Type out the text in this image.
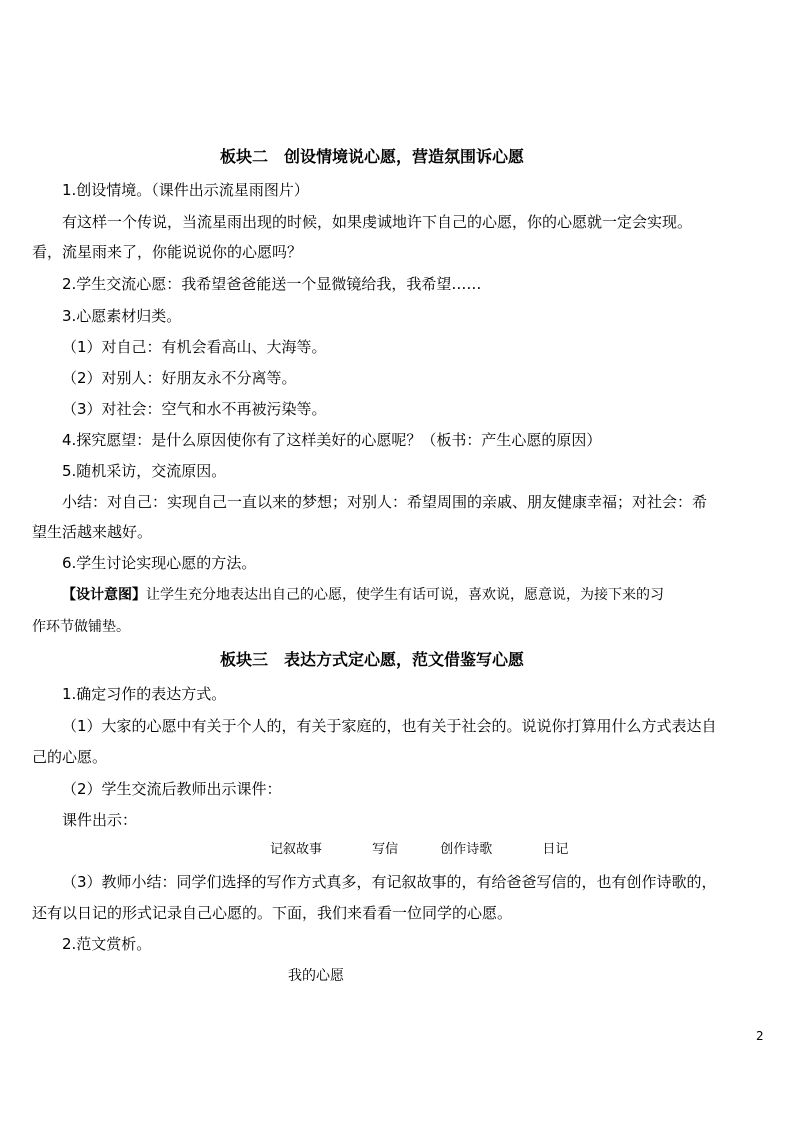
板块二　创设情境说心愿，营造氛围诉心愿
1.创设情境。（课件出示流星雨图片）
有这样一个传说，当流星雨出现的时候，如果虔诚地许下自己的心愿，你的心愿就一定会实现。
看，流星雨来了，你能说说你的心愿吗？
2.学生交流心愿：我希望爸爸能送一个显微镜给我，我希望……
3.心愿素材归类。
（1）对自己：有机会看高山、大海等。
（2）对别人：好朋友永不分离等。
（3）对社会：空气和水不再被污染等。
4.探究愿望：是什么原因使你有了这样美好的心愿呢？（板书：产生心愿的原因）
5.随机采访，交流原因。
小结：对自己：实现自己一直以来的梦想；对别人：希望周围的亲戚、朋友健康幸福；对社会：希
望生活越来越好。
6.学生讨论实现心愿的方法。
【设计意图】让学生充分地表达出自己的心愿，使学生有话可说，喜欢说，愿意说，为接下来的习
作环节做铺垫。
板块三　表达方式定心愿，范文借鉴写心愿
1.确定习作的表达方式。
（1）大家的心愿中有关于个人的，有关于家庭的，也有关于社会的。说说你打算用什么方式表达自
己的心愿。
（2）学生交流后教师出示课件：
课件出示：
记叙故事	写信	创作诗歌	日记
（3）教师小结：同学们选择的写作方式真多，有记叙故事的，有给爸爸写信的，也有创作诗歌的，
还有以日记的形式记录自己心愿的。下面，我们来看看一位同学的心愿。
2.范文赏析。
我的心愿
2
